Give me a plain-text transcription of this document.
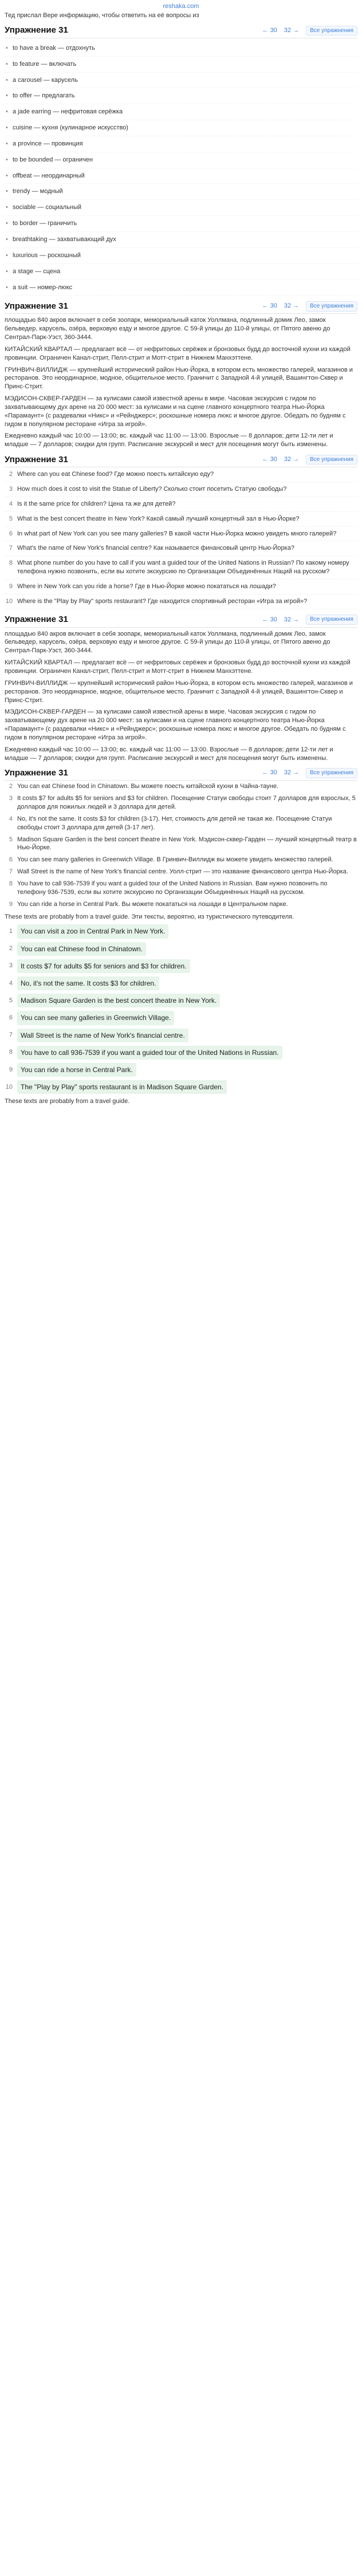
reshaka.com
Тед прислал Вере информацию, чтобы ответить на её вопросы из
Упражнение 31	← 30 32 →	Все упражнения
• to have a break — отдохнуть
• to feature — включать
• a carousel — карусель
• to offer — предлагать
• a jade earring — нефритовая серёжка
• cuisine — кухня (кулинарное искусство)
• a province — провинция
• to be bounded — ограничен
• offbeat — неординарный
• trendy — модный
• sociable — социальный
• to border — граничить
• breathtaking — захватывающий дух
• luxurious — роскошный
• a stage — сцена
• a suit — номер-люкс
Упражнение 31	← 30 32 →	Все упражнения
площадью 840 акров включает в себя зоопарк, мемориальный каток Уоллмана, подлинный домик Лео, замок бельведер, карусель, озёра, верховую езду и многое другое. С 59-й улицы до 110-й улицы, от Пятого авеню до Сентрал-Парк-Уэст, 360-3444.
КИТАЙСКИЙ КВАРТАЛ — предлагает всё — от нефритовых серёжек и бронзовых будд до восточной кухни из каждой провинции. Ограничен Канал-стрит, Пелл-стрит и Мотт-стрит в Нижнем Манхэттене.
ГРИНВИЧ-ВИЛЛИДЖ — крупнейший исторический район Нью-Йорка, в котором есть множество галерей, магазинов и ресторанов. Это неординарное, модное, общительное место. Граничит с Западной 4-й улицей, Вашингтон-Сквер и Принс-Стрит.
МЭДИСОН-СКВЕР-ГАРДЕН — за кулисами самой известной арены в мире. Часовая экскурсия с гидом по захватывающему дух арене на 20 000 мест: за кулисами и на сцене главного концертного театра Нью-Йорка «Парамаунт» (с раздевалки «Никс» и «Рейнджерс»; роскошные номера люкс и многое другое. Обедать по будням с гидом в популярном ресторане «Игра за игрой».
Ежедневно каждый час 10:00 — 13:00; вс. каждый час 11:00 — 13:00. Взрослые — 8 долларов; дети 12-ти лет и младше — 7 долларов; скидки для групп. Расписание экскурсий и мест для посещения могут быть изменены.
Упражнение 31	← 30 32 →	Все упражнения
2 Where can you eat Chinese food? Где можно поесть китайскую еду?
3 How much does it cost to visit the Statue of Liberty? Сколько стоит посетить Статую свободы?
4 Is it the same price for children? Цена та же для детей?
5 What is the best concert theatre in New York? Какой самый лучший концертный зал в Нью-Йорке?
6 In what part of New York can you see many galleries? В какой части Нью-Йорка можно увидеть много галерей?
7 What's the name of New York's financial centre? Как называется финансовый центр Нью-Йорка?
8 What phone number do you have to call if you want a guided tour of the United Nations in Russian? По какому номеру телефона нужно позвонить, если вы хотите экскурсию по Организации Объединённых Наций на русском?
9 Where in New York can you ride a horse? Где в Нью-Йорке можно покататься на лошади?
10 Where is the "Play by Play" sports restaurant? Где находится спортивный ресторан «Игра за игрой»?
Упражнение 31	← 30 32 →	Все упражнения
площадью 840 акров включает в себя зоопарк, мемориальный каток Уоллмана, подлинный домик Лео, замок бельведер, карусель, озёра, верховую езду и многое другое. С 59-й улицы до 110-й улицы, от Пятого авеню до Сентрал-Парк-Уэст, 360-3444.
КИТАЙСКИЙ КВАРТАЛ — предлагает всё — от нефритовых серёжек и бронзовых будд до восточной кухни из каждой провинции. Ограничен Канал-стрит, Пелл-стрит и Мотт-стрит в Нижнем Манхэттене.
ГРИНВИЧ-ВИЛЛИДЖ — крупнейший исторический район Нью-Йорка, в котором есть множество галерей, магазинов и ресторанов. Это неординарное, модное, общительное место. Граничит с Западной 4-й улицей, Вашингтон-Сквер и Принс-Стрит.
МЭДИСОН-СКВЕР-ГАРДЕН — за кулисами самой известной арены в мире. Часовая экскурсия с гидом по захватывающему дух арене на 20 000 мест: за кулисами и на сцене главного концертного театра Нью-Йорка «Парамаунт» (с раздевалки «Никс» и «Рейнджерс»; роскошные номера люкс и многое другое. Обедать по будням с гидом в популярном ресторане «Игра за игрой».
Ежедневно каждый час 10:00 — 13:00; вс. каждый час 11:00 — 13:00. Взрослые — 8 долларов; дети 12-ти лет и младше — 7 долларов; скидки для групп. Расписание экскурсий и мест для посещения могут быть изменены.
Упражнение 31	← 30 32 →	Все упражнения
2 You can eat Chinese food in Chinatown. Вы можете поесть китайской кухни в Чайна-тауне.
3 It costs $7 for adults $5 for seniors and $3 for children. Посещение Статуи свободы стоит 7 долларов для взрослых, 5 долларов для пожилых людей и 3 доллара для детей.
4 No, it's not the same. It costs $3 for children (3-17). Нет, стоимость для детей не такая же. Посещение Статуи свободы стоит 3 доллара для детей (3-17 лет).
5 Madison Square Garden is the best concert theatre in New York. Мэдисон-сквер-Гарден — лучший концертный театр в Нью-Йорке.
6 You can see many galleries in Greenwich Village. В Гринвич-Виллидж вы можете увидеть множество галерей.
7 Wall Street is the name of New York's financial centre. Уолл-стрит — это название финансового центра Нью-Йорка.
8 You have to call 936-7539 if you want a guided tour of the United Nations in Russian. Вам нужно позвонить по телефону 936-7539, если вы хотите экскурсию по Организации Объединённых Наций на русском.
9 You can ride a horse in Central Park. Вы можете покататься на лошади в Центральном парке.
These texts are probably from a travel guide. Эти тексты, вероятно, из туристического путеводителя.
1	You can visit a zoo in Central Park in New York.
2	You can eat Chinese food in Chinatown.
3	It costs $7 for adults $5 for seniors and $3 for children.
4	No, it's not the same. It costs $3 for children.
5	Madison Square Garden is the best concert theatre in New York.
6	You can see many galleries in Greenwich Village.
7	Wall Street is the name of New York's financial centre.
8	You have to call 936-7539 if you want a guided tour of the United Nations in Russian.
9	You can ride a horse in Central Park.
10	The "Play by Play" sports restaurant is in Madison Square Garden.
These texts are probably from a travel guide.
